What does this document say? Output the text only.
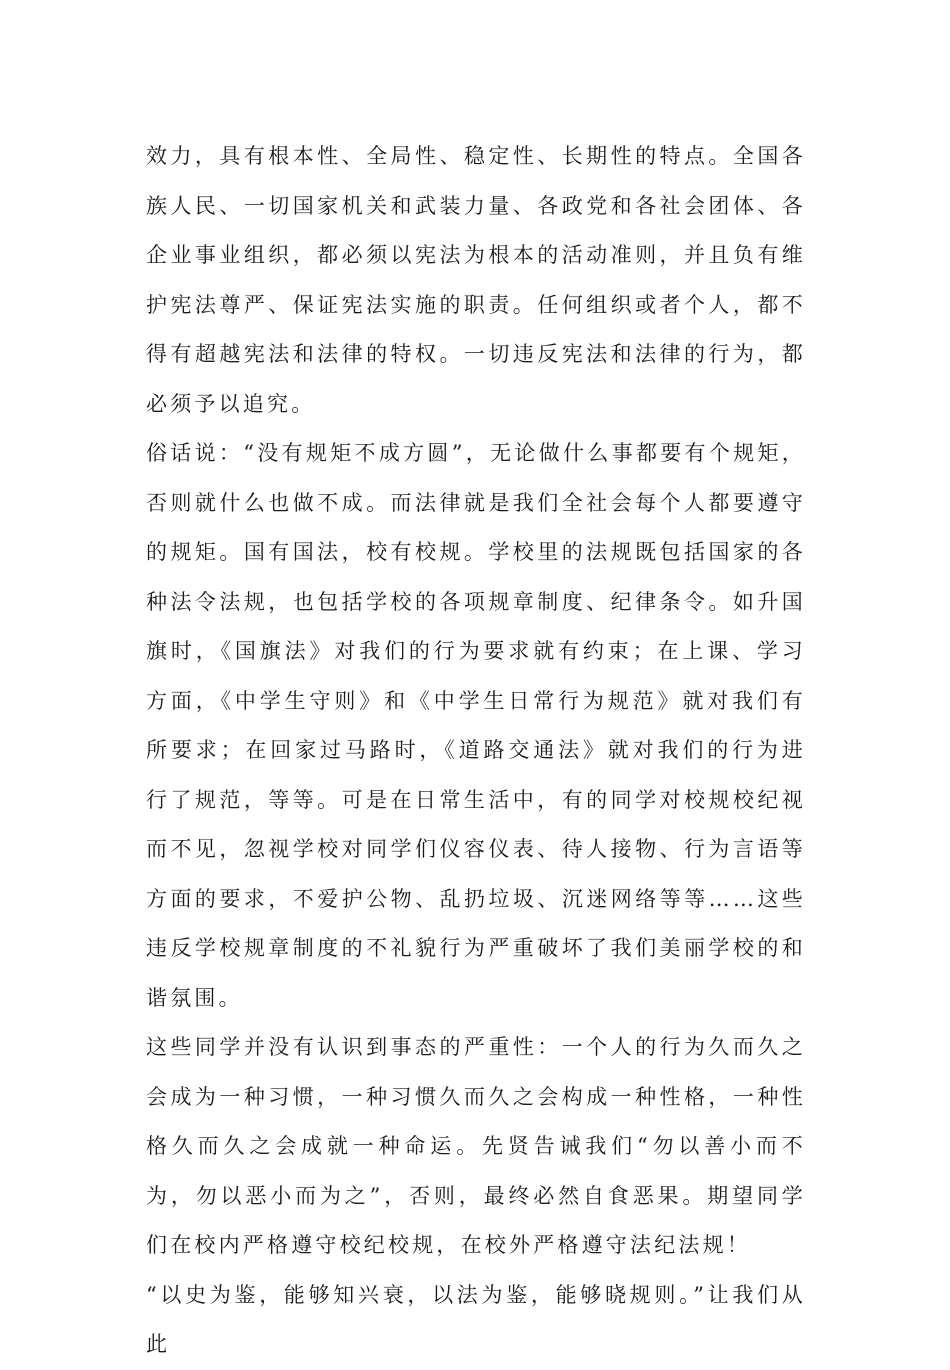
效力，具有根本性、全局性、稳定性、长期性的特点。全国各族人民、一切国家机关和武装力量、各政党和各社会团体、各企业事业组织，都必须以宪法为根本的活动准则，并且负有维护宪法尊严、保证宪法实施的职责。任何组织或者个人，都不得有超越宪法和法律的特权。一切违反宪法和法律的行为，都必须予以追究。

俗话说：“没有规矩不成方圆”，无论做什么事都要有个规矩，否则就什么也做不成。而法律就是我们全社会每个人都要遵守的规矩。国有国法，校有校规。学校里的法规既包括国家的各种法令法规，也包括学校的各项规章制度、纪律条令。如升国旗时，《国旗法》对我们的行为要求就有约束；在上课、学习方面，《中学生守则》和《中学生日常行为规范》就对我们有所要求；在回家过马路时，《道路交通法》就对我们的行为进行了规范，等等。可是在日常生活中，有的同学对校规校纪视而不见，忽视学校对同学们仪容仪表、待人接物、行为言语等方面的要求，不爱护公物、乱扔垃圾、沉迷网络等等……这些违反学校规章制度的不礼貌行为严重破坏了我们美丽学校的和谐氛围。

这些同学并没有认识到事态的严重性：一个人的行为久而久之会成为一种习惯，一种习惯久而久之会构成一种性格，一种性格久而久之会成就一种命运。先贤告诫我们“勿以善小而不为，勿以恶小而为之”，否则，最终必然自食恶果。期望同学们在校内严格遵守校纪校规，在校外严格遵守法纪法规！

“以史为鉴，能够知兴衰，以法为鉴，能够晓规则。”让我们从此
